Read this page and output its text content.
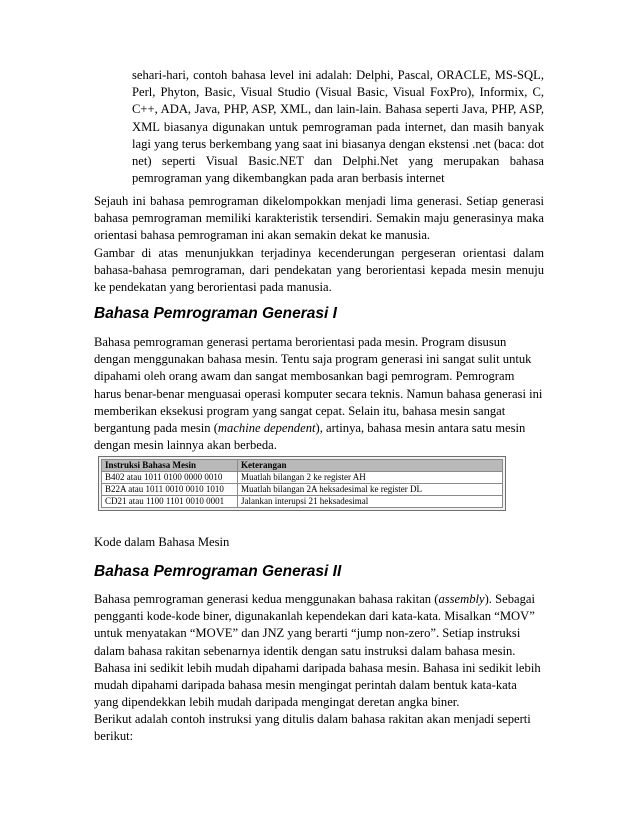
sehari-hari, contoh bahasa level ini adalah: Delphi, Pascal, ORACLE, MS-SQL, Perl, Phyton, Basic, Visual Studio (Visual Basic, Visual FoxPro), Informix, C, C++, ADA, Java, PHP, ASP, XML, dan lain-lain. Bahasa seperti Java, PHP, ASP, XML biasanya digunakan untuk pemrograman pada internet, dan masih banyak lagi yang terus berkembang yang saat ini biasanya dengan ekstensi .net (baca: dot net) seperti Visual Basic.NET dan Delphi.Net yang merupakan bahasa pemrograman yang dikembangkan pada aran berbasis internet

Sejauh ini bahasa pemrograman dikelompokkan menjadi lima generasi. Setiap generasi bahasa pemrograman memiliki karakteristik tersendiri. Semakin maju generasinya maka orientasi bahasa pemrograman ini akan semakin dekat ke manusia.

Gambar di atas menunjukkan terjadinya kecenderungan pergeseran orientasi dalam bahasa-bahasa pemrograman, dari pendekatan yang berorientasi kepada mesin menuju ke pendekatan yang berorientasi pada manusia.

Bahasa Pemrograman Generasi I

Bahasa pemrograman generasi pertama berorientasi pada mesin. Program disusun dengan menggunakan bahasa mesin. Tentu saja program generasi ini sangat sulit untuk dipahami oleh orang awam dan sangat membosankan bagi pemrogram. Pemrogram harus benar-benar menguasai operasi komputer secara teknis. Namun bahasa generasi ini memberikan eksekusi program yang sangat cepat. Selain itu, bahasa mesin sangat bergantung pada mesin (machine dependent), artinya, bahasa mesin antara satu mesin dengan mesin lainnya akan berbeda.

Instruksi Bahasa Mesin	Keterangan
B402 atau 1011 0100 0000 0010	Muatlah bilangan 2 ke register AH
B22A atau 1011 0010 0010 1010	Muatlah bilangan 2A heksadesimal ke register DL
CD21 atau 1100 1101 0010 0001	Jalankan interupsi 21 heksadesimal

Kode dalam Bahasa Mesin

Bahasa Pemrograman Generasi II

Bahasa pemrograman generasi kedua menggunakan bahasa rakitan (assembly). Sebagai pengganti kode-kode biner, digunakanlah kependekan dari kata-kata. Misalkan “MOV” untuk menyatakan “MOVE” dan JNZ yang berarti “jump non-zero”. Setiap instruksi dalam bahasa rakitan sebenarnya identik dengan satu instruksi dalam bahasa mesin. Bahasa ini sedikit lebih mudah dipahami daripada bahasa mesin. Bahasa ini sedikit lebih mudah dipahami daripada bahasa mesin mengingat perintah dalam bentuk kata-kata yang dipendekkan lebih mudah daripada mengingat deretan angka biner.

Berikut adalah contoh instruksi yang ditulis dalam bahasa rakitan akan menjadi seperti berikut:
